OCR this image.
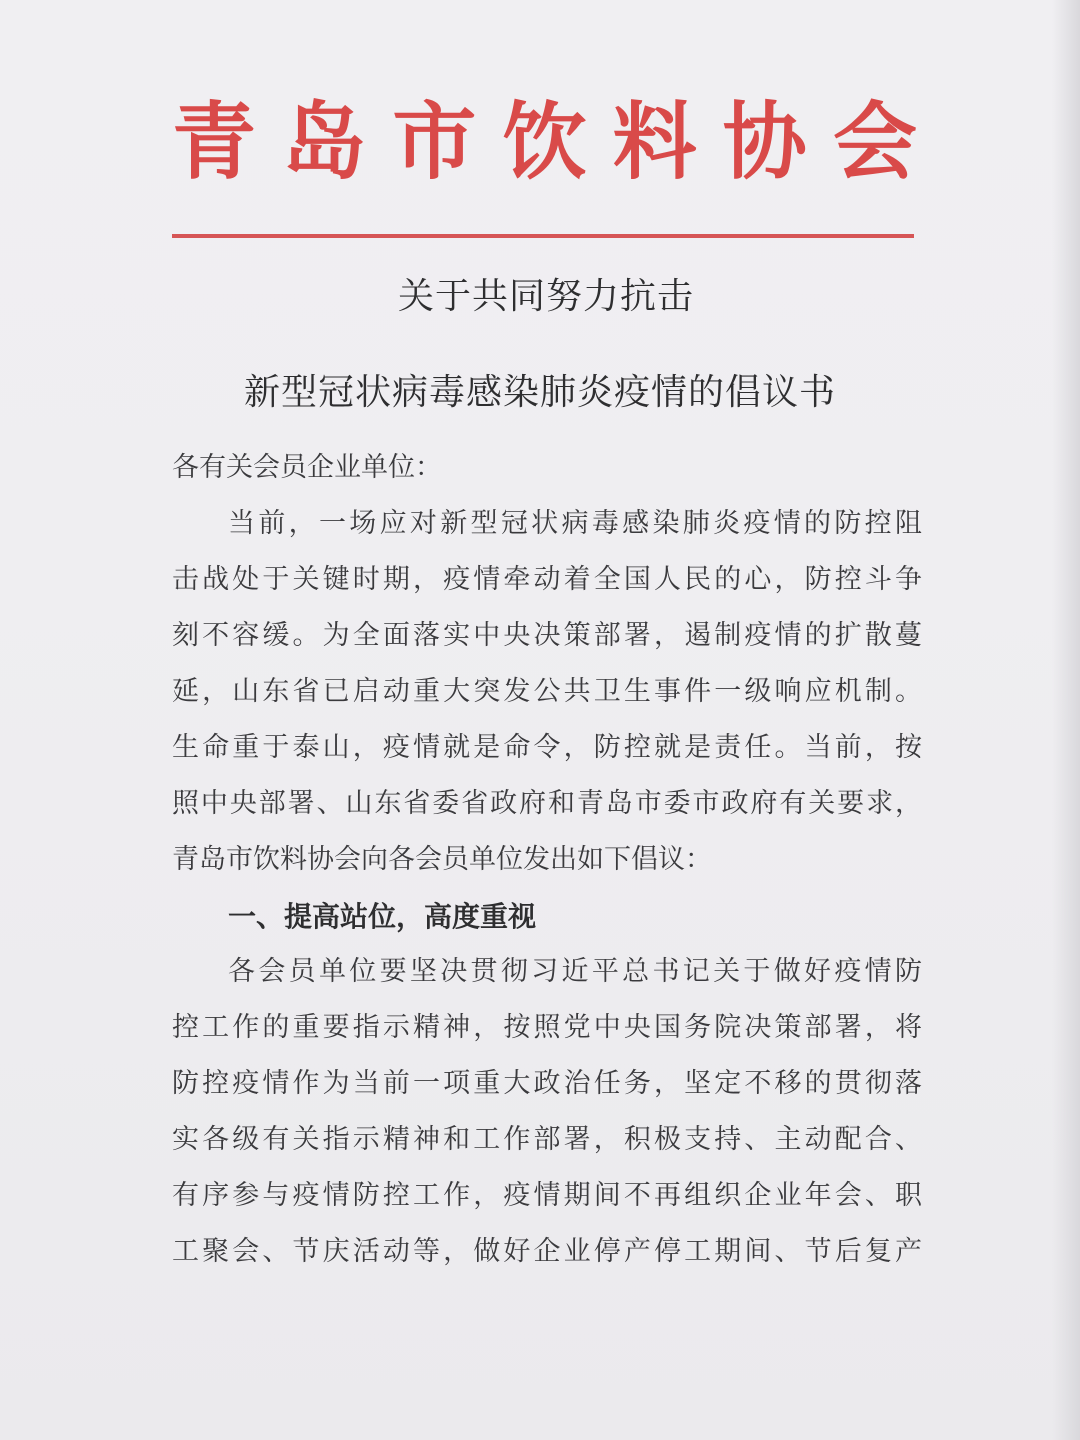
青 岛 市 饮 料 协 会
关于共同努力抗击
新型冠状病毒感染肺炎疫情的倡议书
各有关会员企业单位：
当前，一场应对新型冠状病毒感染肺炎疫情的防控阻
击战处于关键时期，疫情牵动着全国人民的心，防控斗争
刻不容缓。为全面落实中央决策部署，遏制疫情的扩散蔓
延，山东省已启动重大突发公共卫生事件一级响应机制。
生命重于泰山，疫情就是命令，防控就是责任。当前，按
照中央部署、山东省委省政府和青岛市委市政府有关要求，
青岛市饮料协会向各会员单位发出如下倡议：
一、提高站位，高度重视
各会员单位要坚决贯彻习近平总书记关于做好疫情防
控工作的重要指示精神，按照党中央国务院决策部署，将
防控疫情作为当前一项重大政治任务，坚定不移的贯彻落
实各级有关指示精神和工作部署，积极支持、主动配合、
有序参与疫情防控工作，疫情期间不再组织企业年会、职
工聚会、节庆活动等，做好企业停产停工期间、节后复产
